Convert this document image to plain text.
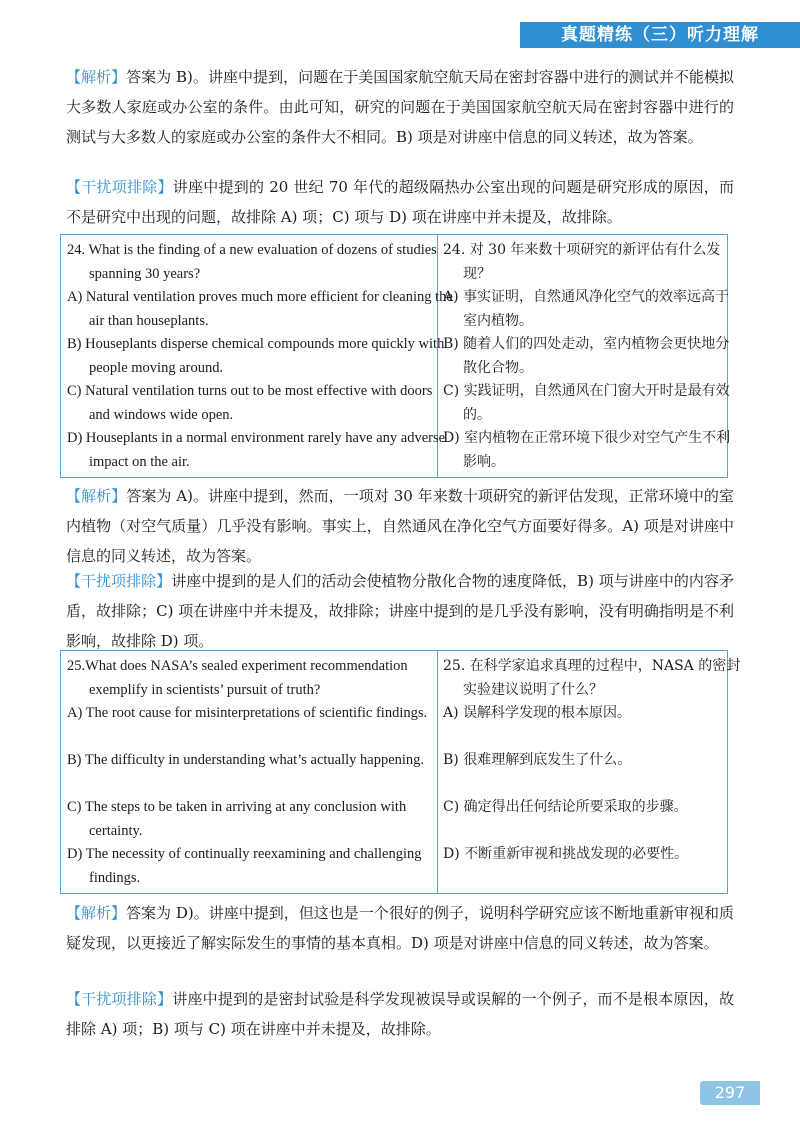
真题精练（三）听力理解

【解析】答案为 B)。讲座中提到，问题在于美国国家航空航天局在密封容器中进行的测试并不能模拟大多数人家庭或办公室的条件。由此可知，研究的问题在于美国国家航空航天局在密封容器中进行的测试与大多数人的家庭或办公室的条件大不相同。B) 项是对讲座中信息的同义转述，故为答案。

【干扰项排除】讲座中提到的 20 世纪 70 年代的超级隔热办公室出现的问题是研究形成的原因，而不是研究中出现的问题，故排除 A) 项；C) 项与 D) 项在讲座中并未提及，故排除。

24. What is the finding of a new evaluation of dozens of studies spanning 30 years?

A) Natural ventilation proves much more efficient for cleaning the air than houseplants.

B) Houseplants disperse chemical compounds more quickly with people moving around.

C) Natural ventilation turns out to be most effective with doors and windows wide open.

D) Houseplants in a normal environment rarely have any adverse impact on the air.

24. 对 30 年来数十项研究的新评估有什么发现？

A) 事实证明，自然通风净化空气的效率远高于室内植物。

B) 随着人们的四处走动，室内植物会更快地分散化合物。

C) 实践证明，自然通风在门窗大开时是最有效的。

D) 室内植物在正常环境下很少对空气产生不利影响。

【解析】答案为 A)。讲座中提到，然而，一项对 30 年来数十项研究的新评估发现，正常环境中的室内植物（对空气质量）几乎没有影响。事实上，自然通风在净化空气方面要好得多。A) 项是对讲座中信息的同义转述，故为答案。

【干扰项排除】讲座中提到的是人们的活动会使植物分散化合物的速度降低，B) 项与讲座中的内容矛盾，故排除；C) 项在讲座中并未提及，故排除；讲座中提到的是几乎没有影响，没有明确指明是不利影响，故排除 D) 项。

25.What does NASA’s sealed experiment recommendation exemplify in scientists’ pursuit of truth?

A) The root cause for misinterpretations of scientific findings.

B) The difficulty in understanding what’s actually happening.

C) The steps to be taken in arriving at any conclusion with certainty.

D) The necessity of continually reexamining and challenging findings.

25. 在科学家追求真理的过程中，NASA 的密封实验建议说明了什么？

A) 误解科学发现的根本原因。

B) 很难理解到底发生了什么。

C) 确定得出任何结论所要采取的步骤。

D) 不断重新审视和挑战发现的必要性。

【解析】答案为 D)。讲座中提到，但这也是一个很好的例子，说明科学研究应该不断地重新审视和质疑发现，以更接近了解实际发生的事情的基本真相。D) 项是对讲座中信息的同义转述，故为答案。

【干扰项排除】讲座中提到的是密封试验是科学发现被误导或误解的一个例子，而不是根本原因，故排除 A) 项；B) 项与 C) 项在讲座中并未提及，故排除。

297
